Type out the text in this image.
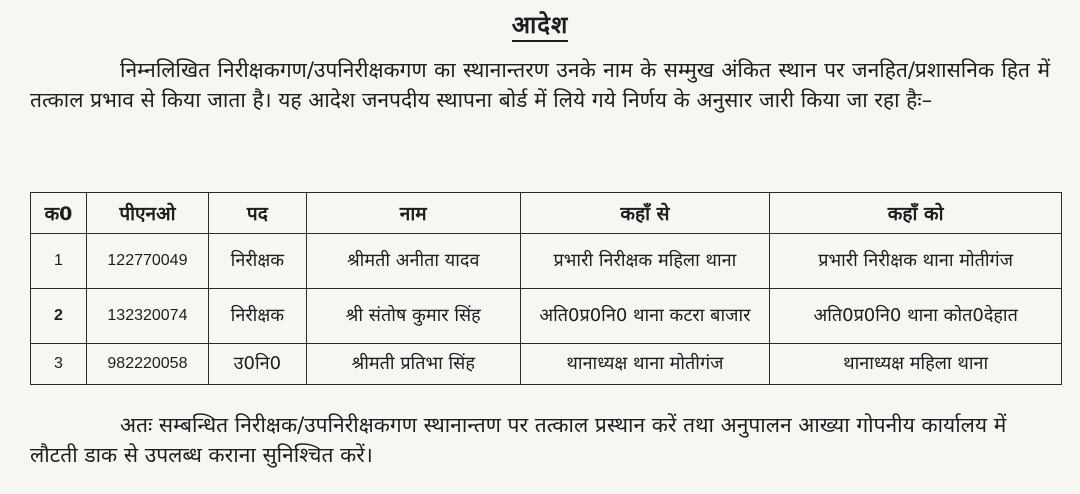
आदेश

निम्नलिखित निरीक्षकगण/उपनिरीक्षकगण का स्थानान्तरण उनके नाम के सम्मुख अंकित स्थान पर जनहित/प्रशासनिक हित में तत्काल प्रभाव से किया जाता है। यह आदेश जनपदीय स्थापना बोर्ड में लिये गये निर्णय के अनुसार जारी किया जा रहा हैः–

क0	पीएनओ	पद	नाम	कहाँ से	कहाँ को
1	122770049	निरीक्षक	श्रीमती अनीता यादव	प्रभारी निरीक्षक महिला थाना	प्रभारी निरीक्षक थाना मोतीगंज
2	132320074	निरीक्षक	श्री संतोष कुमार सिंह	अति0प्र0नि0 थाना कटरा बाजार	अति0प्र0नि0 थाना कोत0देहात
3	982220058	उ0नि0	श्रीमती प्रतिभा सिंह	थानाध्यक्ष थाना मोतीगंज	थानाध्यक्ष महिला थाना

अतः सम्बन्धित निरीक्षक/उपनिरीक्षकगण स्थानान्तण पर तत्काल प्रस्थान करें तथा अनुपालन आख्या गोपनीय कार्यालय में लौटती डाक से उपलब्ध कराना सुनिश्चित करें।
